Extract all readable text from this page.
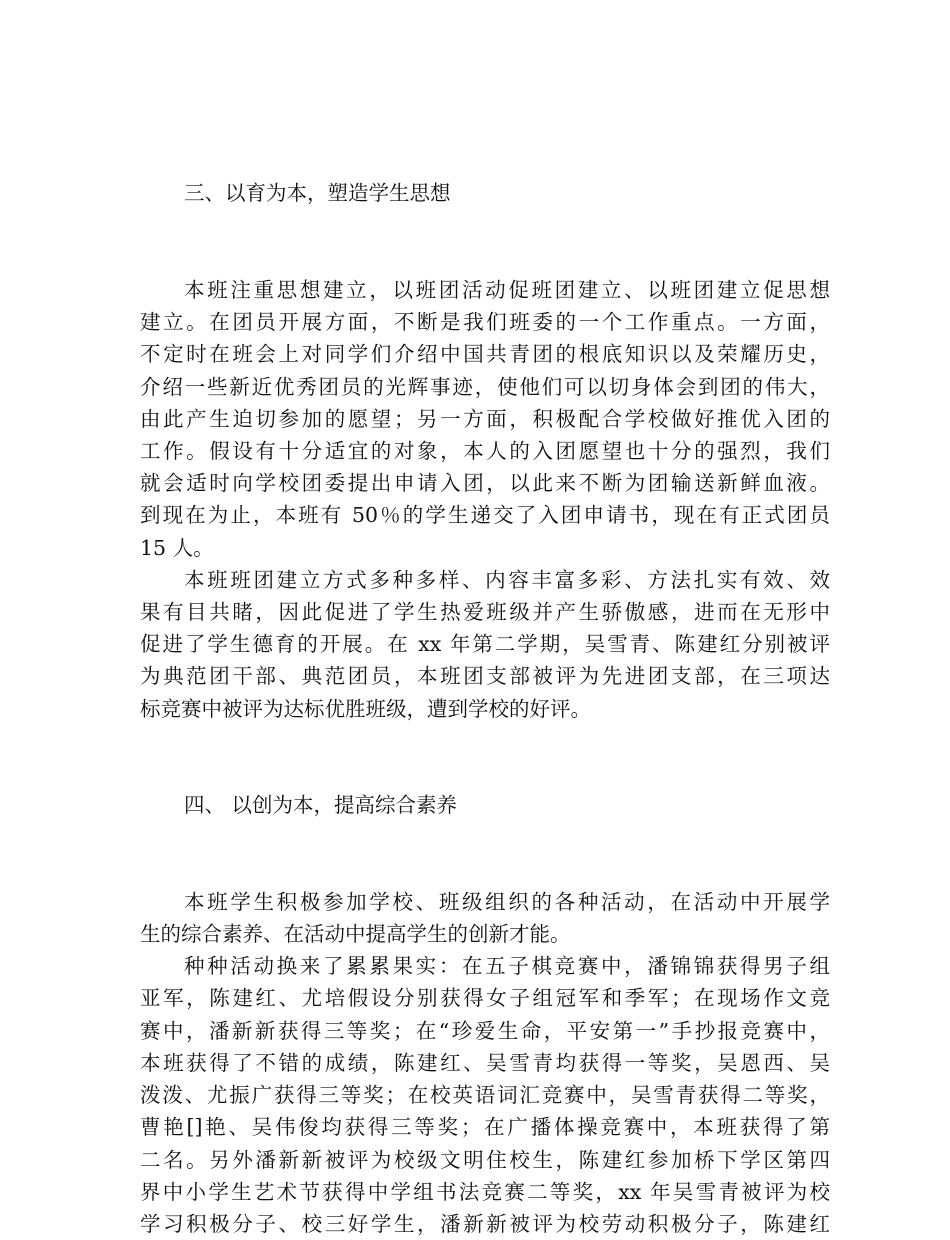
三、以育为本，塑造学生思想

本班注重思想建立，以班团活动促班团建立、以班团建立促思想
建立。在团员开展方面，不断是我们班委的一个工作重点。一方面，
不定时在班会上对同学们介绍中国共青团的根底知识以及荣耀历史，
介绍一些新近优秀团员的光辉事迹，使他们可以切身体会到团的伟大，
由此产生迫切参加的愿望；另一方面，积极配合学校做好推优入团的
工作。假设有十分适宜的对象，本人的入团愿望也十分的强烈，我们
就会适时向学校团委提出申请入团，以此来不断为团输送新鲜血液。
到现在为止，本班有 50％的学生递交了入团申请书，现在有正式团员
15 人。
本班班团建立方式多种多样、内容丰富多彩、方法扎实有效、效
果有目共睹，因此促进了学生热爱班级并产生骄傲感，进而在无形中
促进了学生德育的开展。在 xx 年第二学期，吴雪青、陈建红分别被评
为典范团干部、典范团员，本班团支部被评为先进团支部，在三项达
标竞赛中被评为达标优胜班级，遭到学校的好评。

四、 以创为本，提高综合素养

本班学生积极参加学校、班级组织的各种活动，在活动中开展学
生的综合素养、在活动中提高学生的创新才能。
种种活动换来了累累果实：在五子棋竞赛中，潘锦锦获得男子组
亚军，陈建红、尤培假设分别获得女子组冠军和季军；在现场作文竞
赛中，潘新新获得三等奖；在“珍爱生命，平安第一”手抄报竞赛中，
本班获得了不错的成绩，陈建红、吴雪青均获得一等奖，吴恩西、吴
泼泼、尤振广获得三等奖；在校英语词汇竞赛中，吴雪青获得二等奖，
曹艳[]艳、吴伟俊均获得三等奖；在广播体操竞赛中，本班获得了第
二名。另外潘新新被评为校级文明住校生，陈建红参加桥下学区第四
界中小学生艺术节获得中学组书法竞赛二等奖，xx 年吴雪青被评为校
学习积极分子、校三好学生，潘新新被评为校劳动积极分子，陈建红
